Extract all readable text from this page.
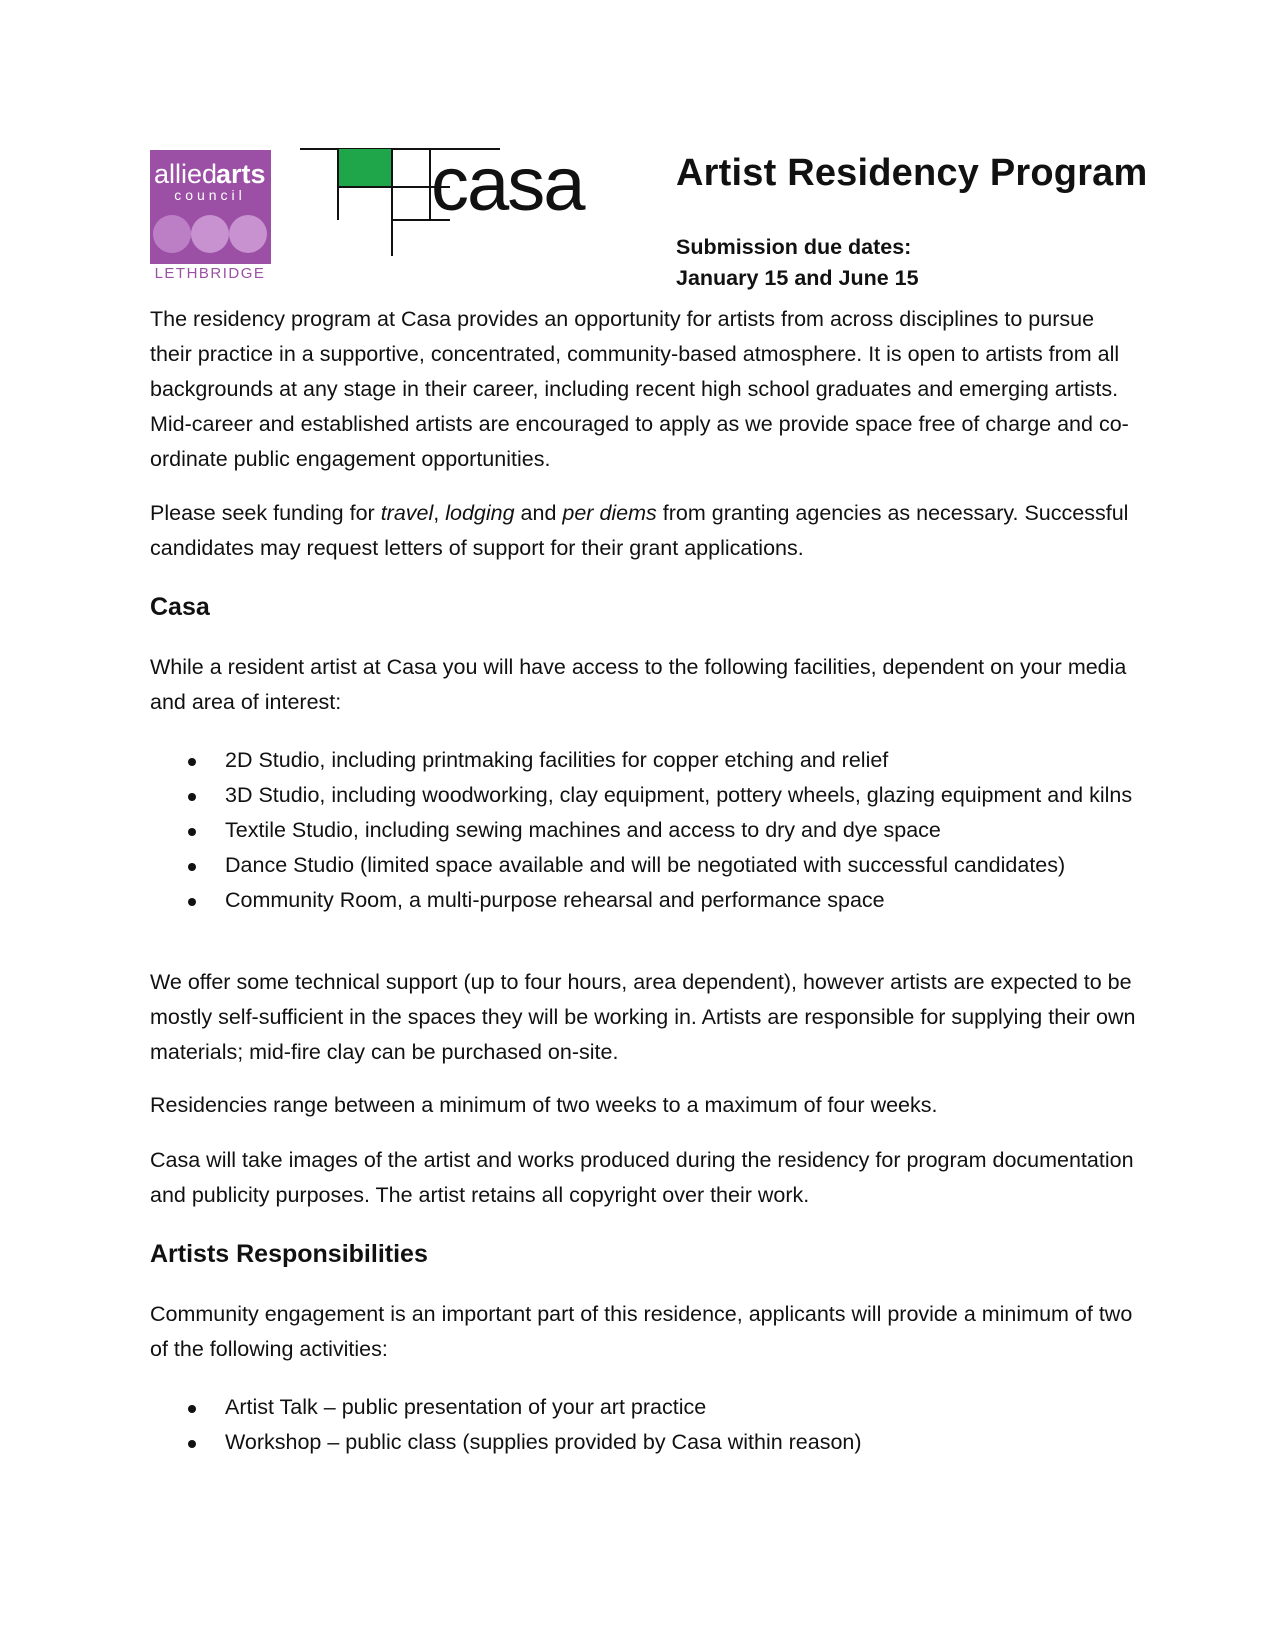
allied
arts
council
LETHBRIDGE
casa Artist Residency Program
Submission due dates:
January 15 and June 15

The residency program at Casa provides an opportunity for artists from across disciplines to pursue their practice in a supportive, concentrated, community-based atmosphere. It is open to artists from all backgrounds at any stage in their career, including recent high school graduates and emerging artists. Mid-career and established artists are encouraged to apply as we provide space free of charge and co-ordinate public engagement opportunities.

Please seek funding for travel, lodging and per diems from granting agencies as necessary. Successful candidates may request letters of support for their grant applications.

Casa

While a resident artist at Casa you will have access to the following facilities, dependent on your media and area of interest:

2D Studio, including printmaking facilities for copper etching and relief
3D Studio, including woodworking, clay equipment, pottery wheels, glazing equipment and kilns
Textile Studio, including sewing machines and access to dry and dye space
Dance Studio (limited space available and will be negotiated with successful candidates)
Community Room, a multi-purpose rehearsal and performance space

We offer some technical support (up to four hours, area dependent), however artists are expected to be mostly self-sufficient in the spaces they will be working in. Artists are responsible for supplying their own materials; mid-fire clay can be purchased on-site.

Residencies range between a minimum of two weeks to a maximum of four weeks.

Casa will take images of the artist and works produced during the residency for program documentation and publicity purposes. The artist retains all copyright over their work.

Artists Responsibilities

Community engagement is an important part of this residence, applicants will provide a minimum of two of the following activities:

Artist Talk – public presentation of your art practice
Workshop – public class (supplies provided by Casa within reason)
